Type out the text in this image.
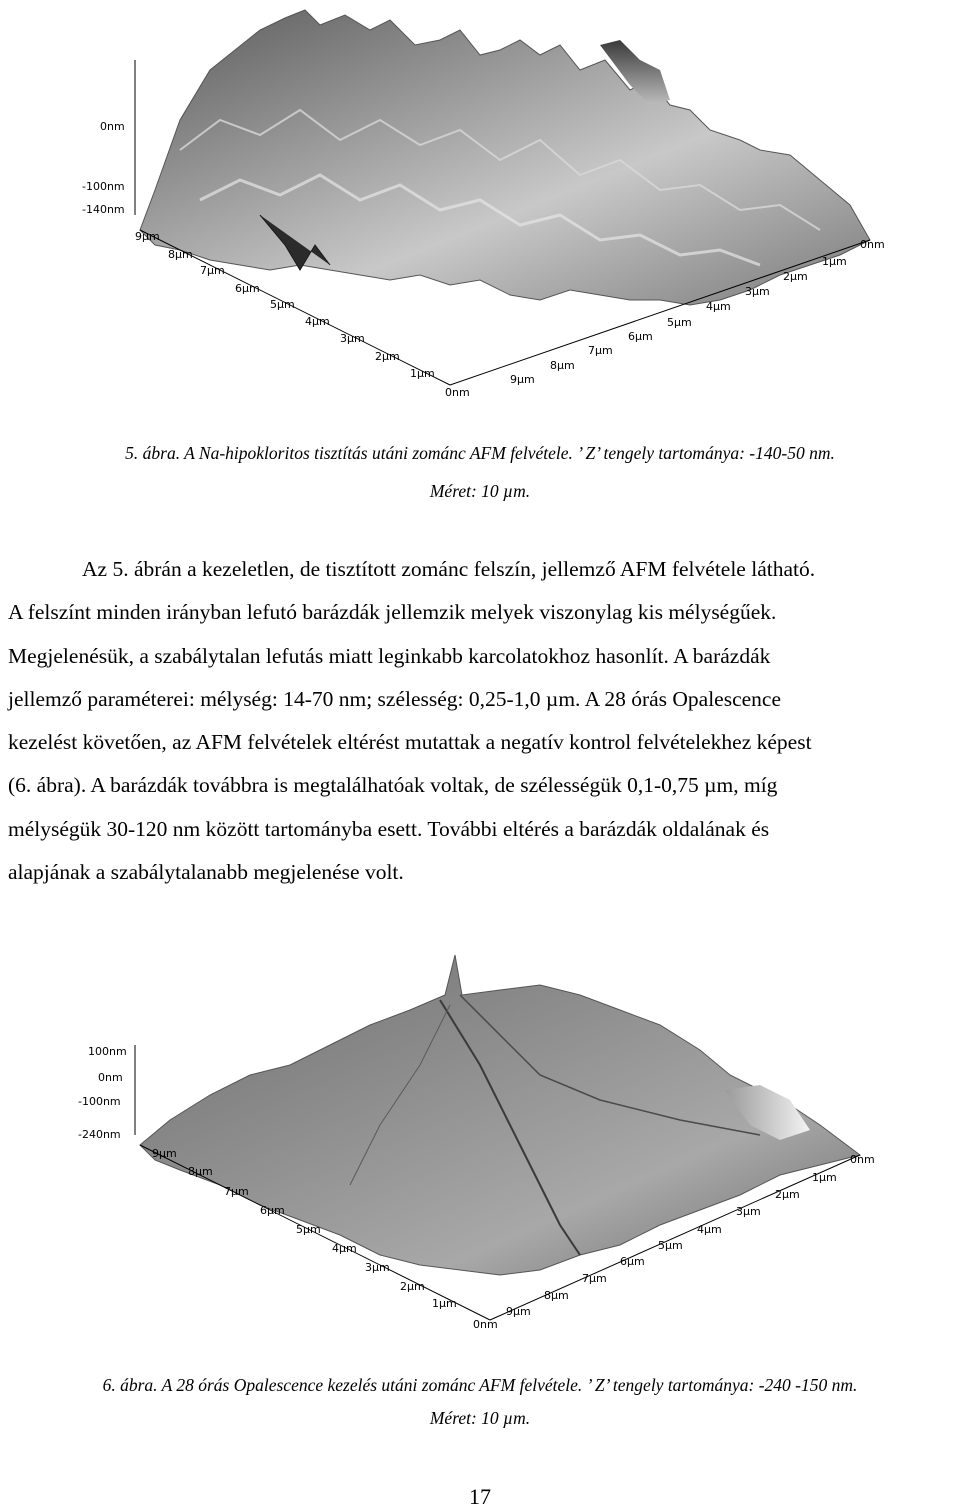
0nm
-100nm
-140nm
9µm
8µm
7µm
6µm
5µm
4µm
3µm
2µm
1µm
0nm
0nm
1µm
2µm
3µm
4µm
5µm
6µm
7µm
8µm
9µm

5. ábra. A Na-hipokloritos tisztítás utáni zománc AFM felvétele. ’ Z’ tengely tartománya: -140-50 nm.

Méret: 10 µm.

Az 5. ábrán a kezeletlen, de tisztított zománc felszín, jellemző AFM felvétele látható.

A felszínt minden irányban lefutó barázdák jellemzik melyek viszonylag kis mélységűek.

Megjelenésük, a szabálytalan lefutás miatt leginkabb karcolatokhoz hasonlít. A barázdák

jellemző paraméterei: mélység: 14-70 nm; szélesség: 0,25-1,0 µm. A 28 órás Opalescence

kezelést követően, az AFM felvételek eltérést mutattak a negatív kontrol felvételekhez képest

(6. ábra). A barázdák továbbra is megtalálhatóak voltak, de szélességük 0,1-0,75 µm, míg

mélységük 30-120 nm között tartományba esett. További eltérés a barázdák oldalának és

alapjának a szabálytalanabb megjelenése volt.

100nm
0nm
-100nm
-240nm
9µm
8µm
7µm
6µm
5µm
4µm
3µm
2µm
1µm
0nm
0nm
1µm
2µm
3µm
4µm
5µm
6µm
7µm
8µm
9µm

6. ábra. A 28 órás Opalescence kezelés utáni zománc AFM felvétele. ’ Z’ tengely tartománya: -240 -150 nm.

Méret: 10 µm.

17
